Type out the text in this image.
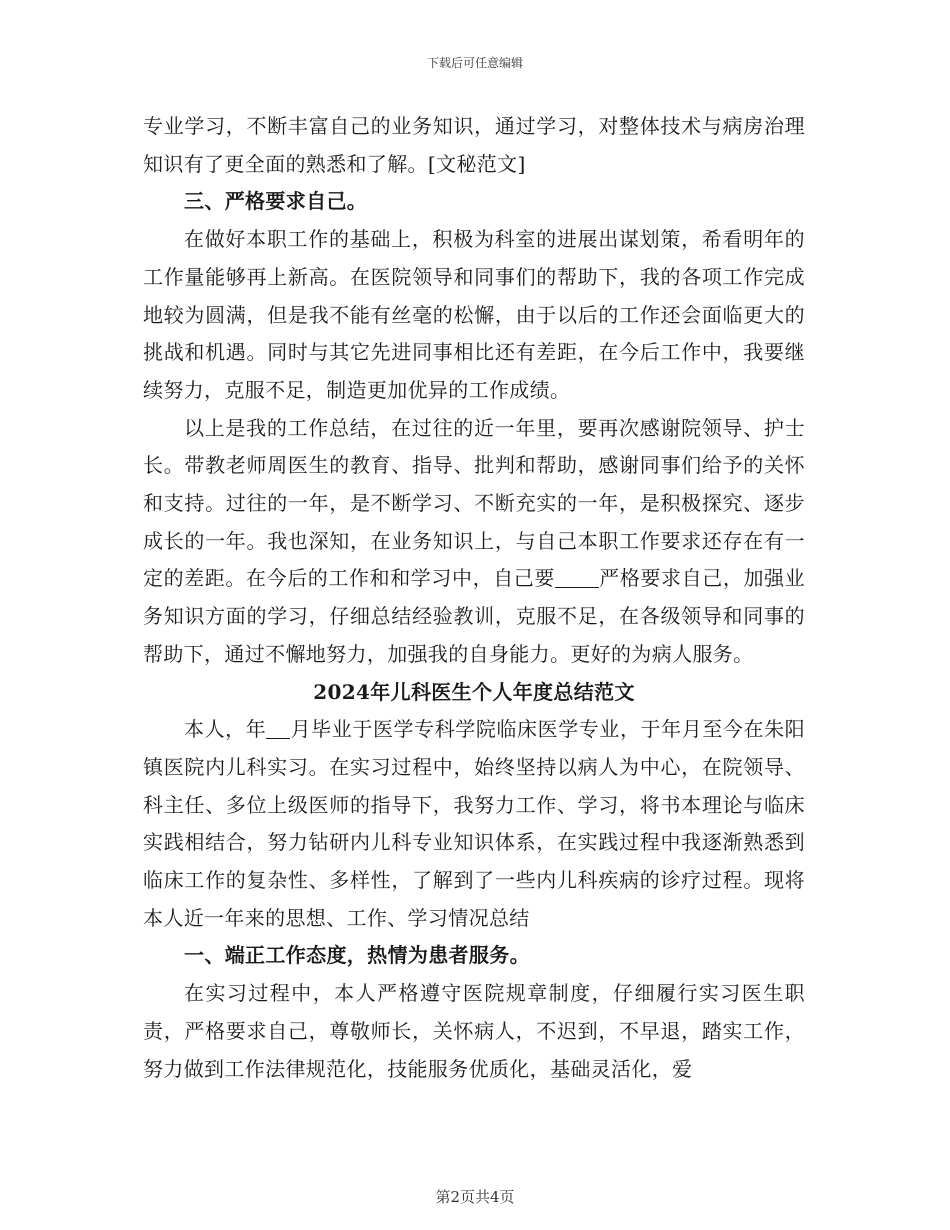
下载后可任意编辑

专业学习，不断丰富自己的业务知识，通过学习，对整体技术与病房治理知识有了更全面的熟悉和了解。[文秘范文]

三、严格要求自己。

在做好本职工作的基础上，积极为科室的进展出谋划策，希看明年的工作量能够再上新高。在医院领导和同事们的帮助下，我的各项工作完成地较为圆满，但是我不能有丝毫的松懈，由于以后的工作还会面临更大的挑战和机遇。同时与其它先进同事相比还有差距，在今后工作中，我要继续努力，克服不足，制造更加优异的工作成绩。

以上是我的工作总结，在过往的近一年里，要再次感谢院领导、护士长。带教老师周医生的教育、指导、批判和帮助，感谢同事们给予的关怀和支持。过往的一年，是不断学习、不断充实的一年，是积极探究、逐步成长的一年。我也深知，在业务知识上，与自己本职工作要求还存在有一定的差距。在今后的工作和和学习中，自己要 严格要求自己，加强业务知识方面的学习，仔细总结经验教训，克服不足，在各级领导和同事的帮助下，通过不懈地努力，加强我的自身能力。更好的为病人服务。

2024年儿科医生个人年度总结范文

本人，年 月毕业于医学专科学院临床医学专业，于年月至今在朱阳镇医院内儿科实习。在实习过程中，始终坚持以病人为中心，在院领导、科主任、多位上级医师的指导下，我努力工作、学习，将书本理论与临床实践相结合，努力钻研内儿科专业知识体系，在实践过程中我逐渐熟悉到临床工作的复杂性、多样性，了解到了一些内儿科疾病的诊疗过程。现将本人近一年来的思想、工作、学习情况总结

一、端正工作态度，热情为患者服务。

在实习过程中，本人严格遵守医院规章制度，仔细履行实习医生职责，严格要求自己，尊敬师长，关怀病人，不迟到，不早退，踏实工作，努力做到工作法律规范化，技能服务优质化，基础灵活化，爱

第2页共4页
